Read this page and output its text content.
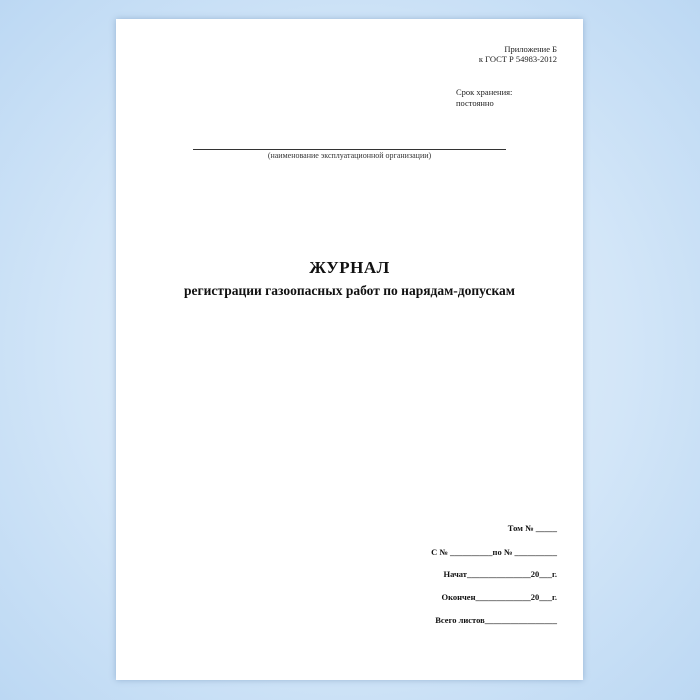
Приложение Б
к ГОСТ Р 54983-2012
Срок хранения:
постоянно
(наименование эксплуатационной организации)
ЖУРНАЛ
регистрации газоопасных работ по нарядам-допускам
Том № _____
С № __________по № __________
Начат_______________20___г.
Окончен_____________20___г.
Всего листов_________________
